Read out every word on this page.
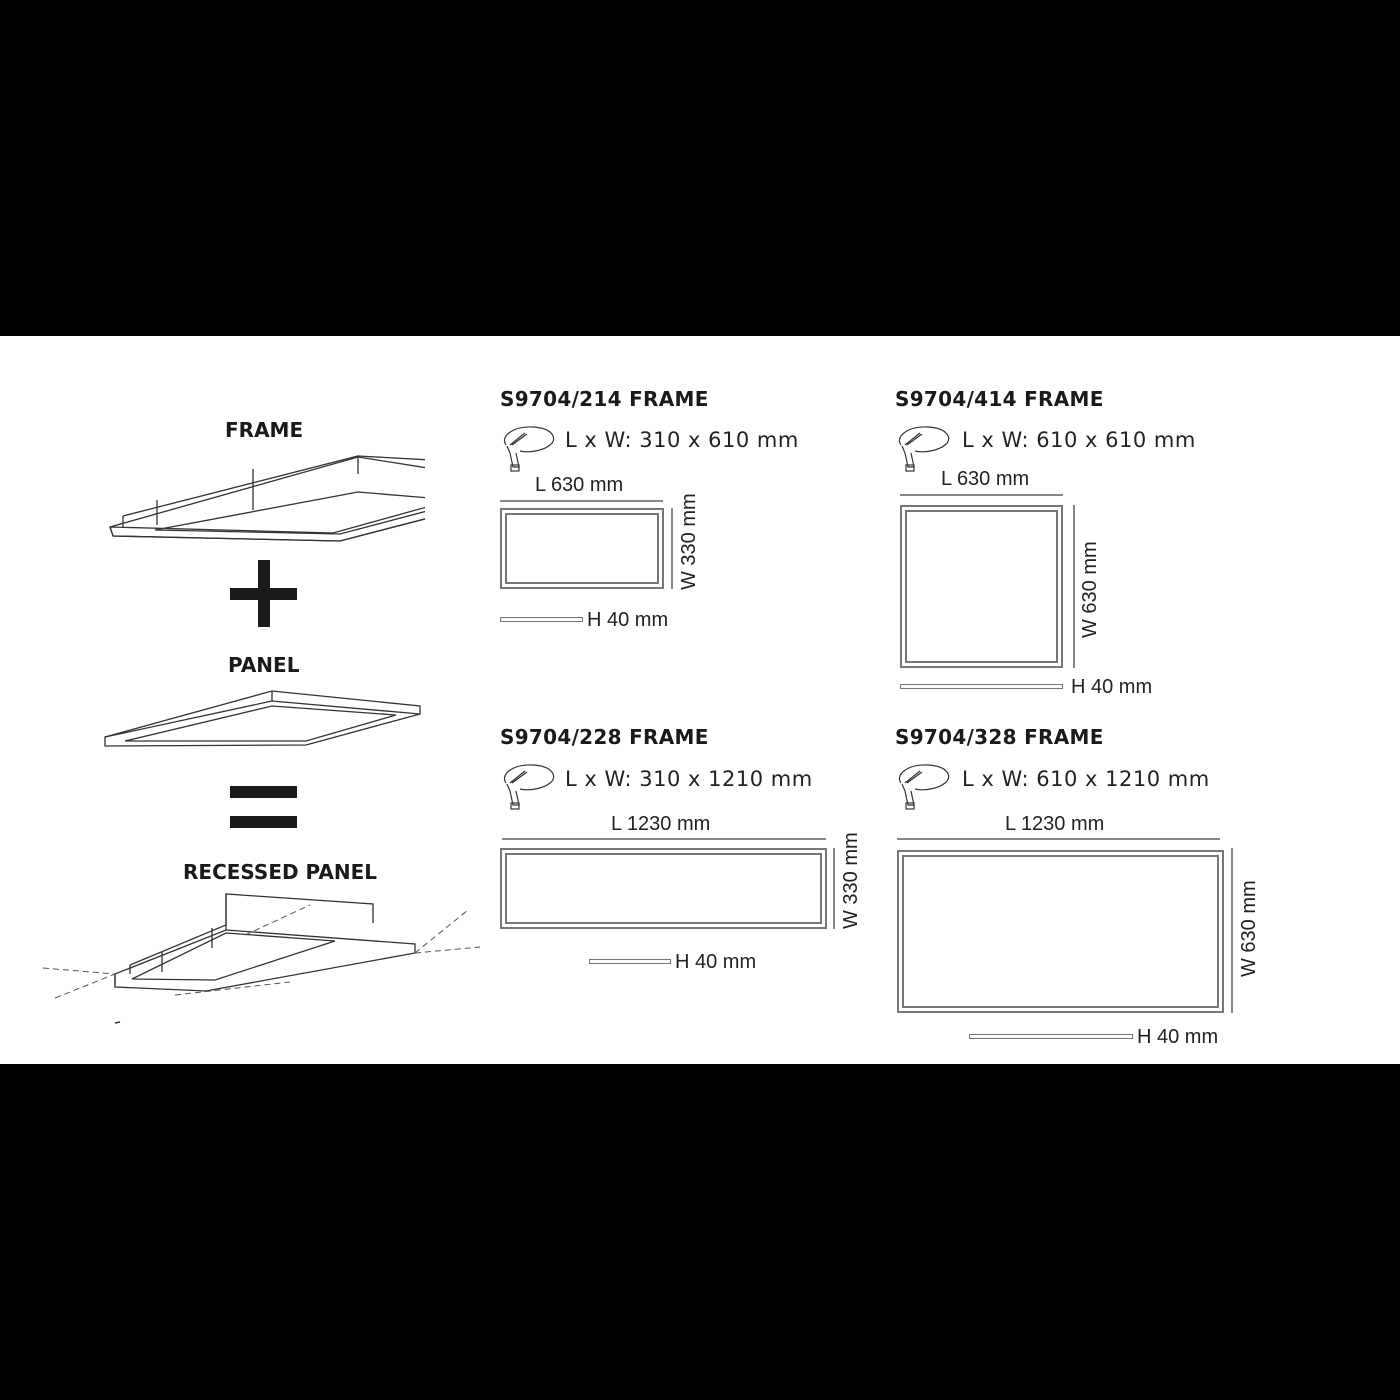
FRAME
PANEL
RECESSED PANEL
S9704/214 FRAME
L x W: 310 x 610 mm
L 630 mm
W 330 mm
H 40 mm
S9704/414 FRAME
L x W: 610 x 610 mm
L 630 mm
W 630 mm
H 40 mm
S9704/228 FRAME
L x W: 310 x 1210 mm
L 1230 mm
W 330 mm
H 40 mm
S9704/328 FRAME
L x W: 610 x 1210 mm
L 1230 mm
W 630 mm
H 40 mm
